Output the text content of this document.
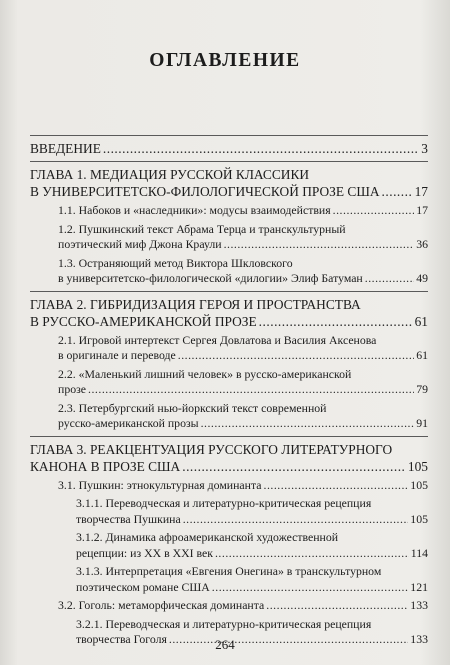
ОГЛАВЛЕНИЕ
ВВЕДЕНИЕ .....	3
ГЛАВА 1. МЕДИАЦИЯ РУССКОЙ КЛАССИКИ
В УНИВЕРСИТЕТСКО-ФИЛОЛОГИЧЕСКОЙ ПРОЗЕ США .....	17
1.1. Набоков и «наследники»: модусы взаимодействия .....	17
1.2. Пушкинский текст Абрама Терца и транскультурный
поэтический миф Джона Краули .....	36
1.3. Остраняющий метод Виктора Шкловского
в университетско-филологической «дилогии» Элиф Батуман .....	49
ГЛАВА 2. ГИБРИДИЗАЦИЯ ГЕРОЯ И ПРОСТРАНСТВА
В РУССКО-АМЕРИКАНСКОЙ ПРОЗЕ .....	61
2.1. Игровой интертекст Сергея Довлатова и Василия Аксенова
в оригинале и переводе .....	61
2.2. «Маленький лишний человек» в русско-американской
прозе .....	79
2.3. Петербургский нью-йоркский текст современной
русско-американской прозы .....	91
ГЛАВА 3. РЕАКЦЕНТУАЦИЯ РУССКОГО ЛИТЕРАТУРНОГО
КАНОНА В ПРОЗЕ США .....	105
3.1. Пушкин: этнокультурная доминанта .....	105
3.1.1. Переводческая и литературно-критическая рецепция
творчества Пушкина .....	105
3.1.2. Динамика афроамериканской художественной
рецепции: из XX в XXI век .....	114
3.1.3. Интерпретация «Евгения Онегина» в транскультурном
поэтическом романе США .....	121
3.2. Гоголь: метаморфическая доминанта .....	133
3.2.1. Переводческая и литературно-критическая рецепция
творчества Гоголя .....	133
264
